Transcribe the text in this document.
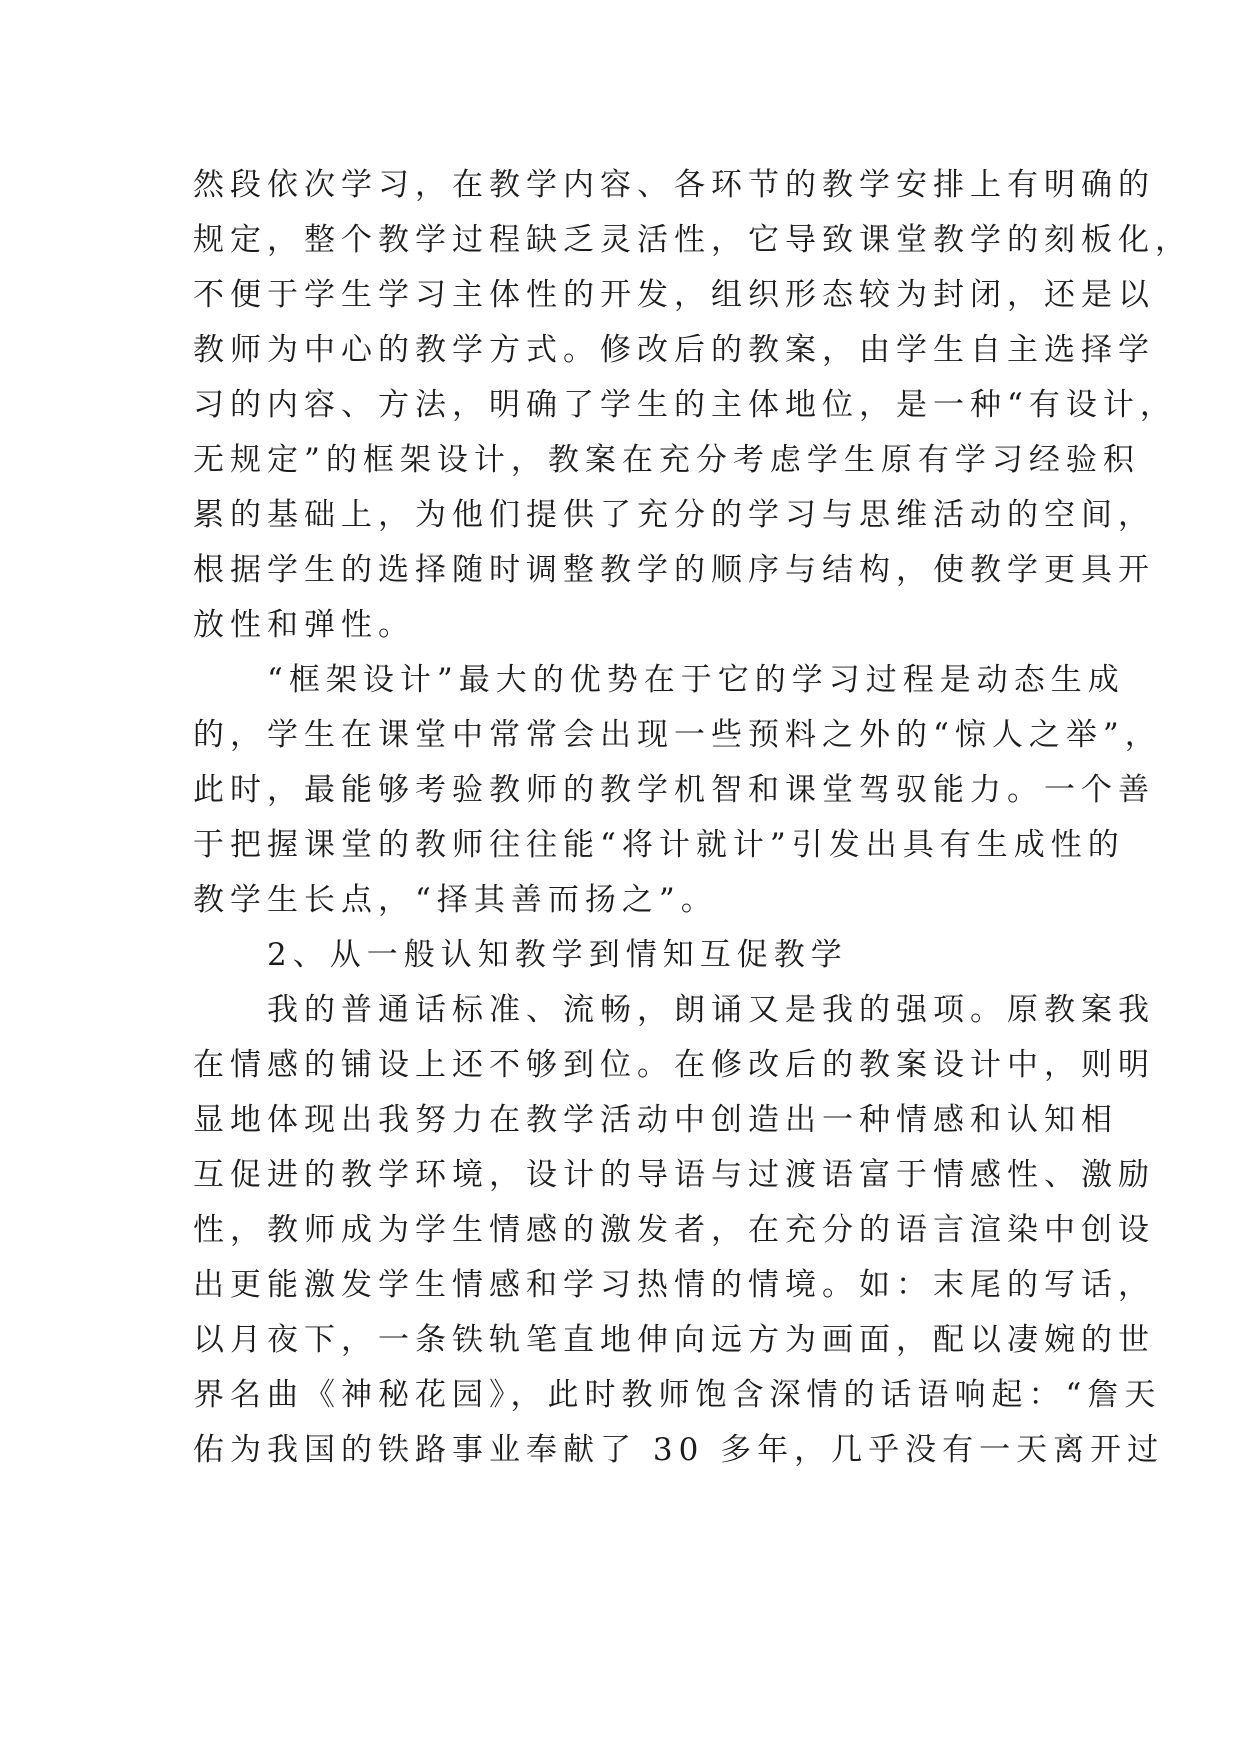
然段依次学习，在教学内容、各环节的教学安排上有明确的
规定，整个教学过程缺乏灵活性，它导致课堂教学的刻板化，
不便于学生学习主体性的开发，组织形态较为封闭，还是以
教师为中心的教学方式。修改后的教案，由学生自主选择学
习的内容、方法，明确了学生的主体地位，是一种“有设计，
无规定”的框架设计，教案在充分考虑学生原有学习经验积
累的基础上，为他们提供了充分的学习与思维活动的空间，
根据学生的选择随时调整教学的顺序与结构，使教学更具开
放性和弹性。
　　“框架设计”最大的优势在于它的学习过程是动态生成
的，学生在课堂中常常会出现一些预料之外的“惊人之举”，
此时，最能够考验教师的教学机智和课堂驾驭能力。一个善
于把握课堂的教师往往能“将计就计”引发出具有生成性的
教学生长点，“择其善而扬之”。
　　2、从一般认知教学到情知互促教学
　　我的普通话标准、流畅，朗诵又是我的强项。原教案我
在情感的铺设上还不够到位。在修改后的教案设计中，则明
显地体现出我努力在教学活动中创造出一种情感和认知相
互促进的教学环境，设计的导语与过渡语富于情感性、激励
性，教师成为学生情感的激发者，在充分的语言渲染中创设
出更能激发学生情感和学习热情的情境。如：末尾的写话，
以月夜下，一条铁轨笔直地伸向远方为画面，配以凄婉的世
界名曲《神秘花园》，此时教师饱含深情的话语响起：“詹天
佑为我国的铁路事业奉献了 30 多年，几乎没有一天离开过
